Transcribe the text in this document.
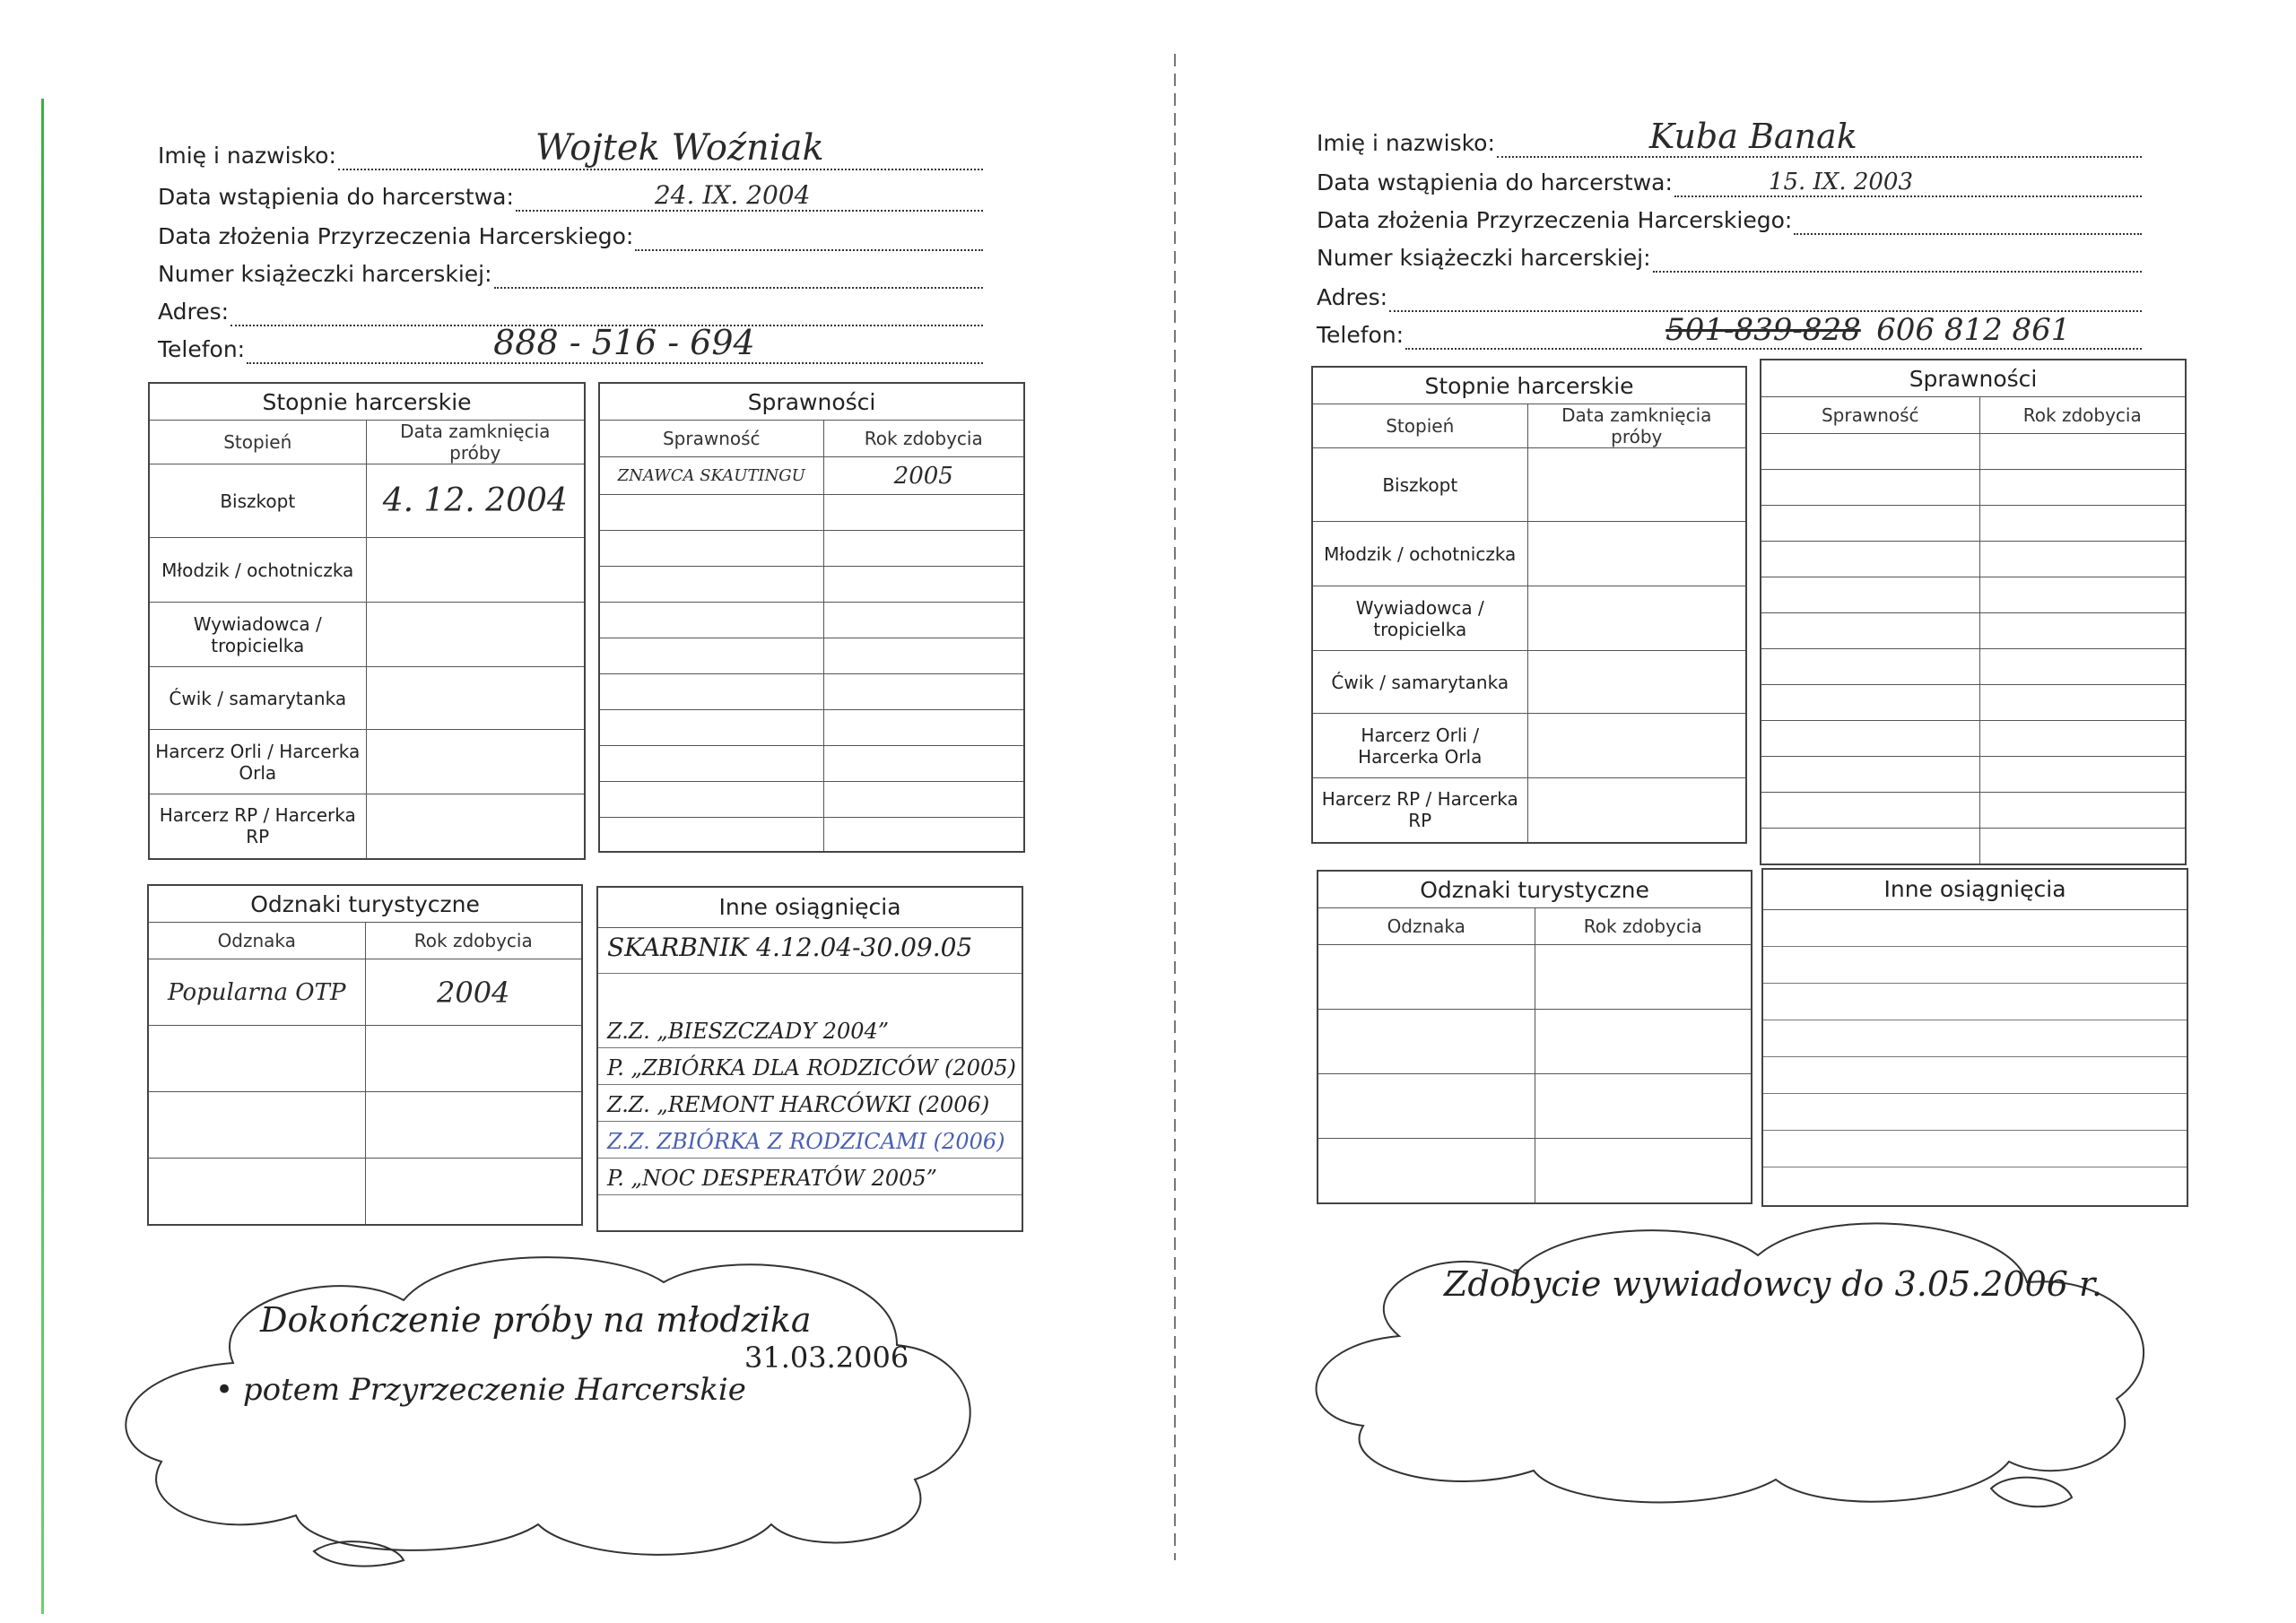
Imię i nazwisko:	Wojtek Woźniak
Data wstąpienia do harcerstwa:	24. IX. 2004
Data złożenia Przyrzeczenia Harcerskiego:
Numer książeczki harcerskiej:
Adres:
Telefon:	888 - 516 - 694
Stopnie harcerskie	
Stopień	Data zamknięcia próby
Biszkopt	4. 12. 2004
Młodzik / ochotniczka	
Wywiadowca / tropicielka	
Ćwik / samarytanka	
Harcerz Orli / Harcerka Orla	
Harcerz RP / Harcerka RP	
Sprawności	
Sprawność	Rok zdobycia
ZNAWCA SKAUTINGU	2005

Odznaki turystyczne	
Odznaka	Rok zdobycia
Popularna OTP	2004

Inne osiągnięcia
SKARBNIK 4.12.04-30.09.05
Z.Z. „BIESZCZADY 2004”
P. „ZBIÓRKA DLA RODZICÓW (2005)
Z.Z. „REMONT HARCÓWKI (2006)
Z.Z. ZBIÓRKA Z RODZICAMI (2006)
P. „NOC DESPERATÓW 2005”
Dokończenie próby na młodzika
31.03.2006
• potem Przyrzeczenie Harcerskie
Imię i nazwisko:	Kuba Banak
Data wstąpienia do harcerstwa:	15. IX. 2003
Data złożenia Przyrzeczenia Harcerskiego:
Numer książeczki harcerskiej:
Adres:
Telefon:	501-839-828 606 812 861
Stopnie harcerskie	
Stopień	Data zamknięcia próby
Biszkopt	
Młodzik / ochotniczka	
Wywiadowca / tropicielka	
Ćwik / samarytanka	
Harcerz Orli / Harcerka Orla	
Harcerz RP / Harcerka RP	
Sprawności	
Sprawność	Rok zdobycia

Odznaki turystyczne	
Odznaka	Rok zdobycia

Inne osiągnięcia
Zdobycie wywiadowcy do 3.05.2006 r.
